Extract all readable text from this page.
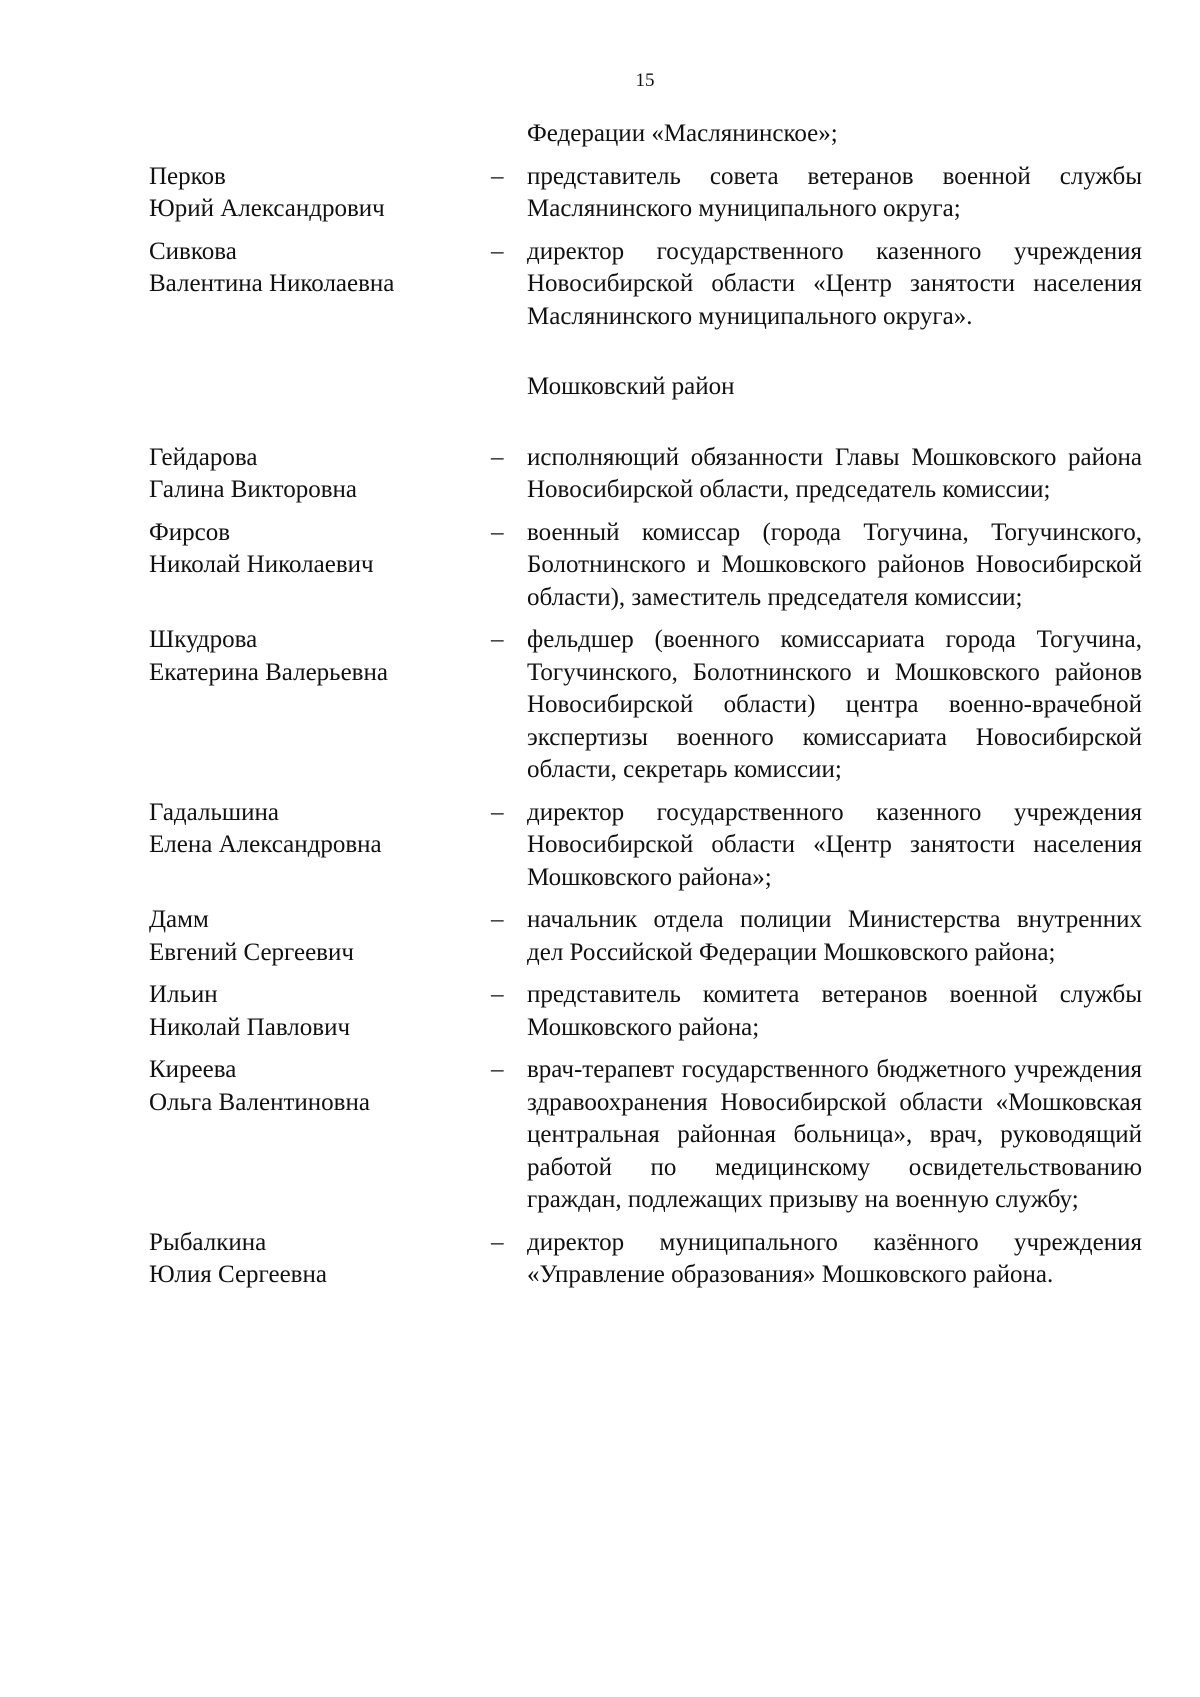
15
Федерации «Маслянинское»;
Перков
Юрий Александрович
– представитель совета ветеранов военной службы Маслянинского муниципального округа;
Сивкова
Валентина Николаевна
– директор государственного казенного учреждения Новосибирской области «Центр занятости населения Маслянинского муниципального округа».
Мошковский район
Гейдарова
Галина Викторовна
– исполняющий обязанности Главы Мошковского района Новосибирской области, председатель комиссии;
Фирсов
Николай Николаевич
– военный комиссар (города Тогучина, Тогучинского, Болотнинского и Мошковского районов Новосибирской области), заместитель председателя комиссии;
Шкудрова
Екатерина Валерьевна
– фельдшер (военного комиссариата города Тогучина, Тогучинского, Болотнинского и Мошковского районов Новосибирской области) центра военно-врачебной экспертизы военного комиссариата Новосибирской области, секретарь комиссии;
Гадальшина
Елена Александровна
– директор государственного казенного учреждения Новосибирской области «Центр занятости населения Мошковского района»;
Дамм
Евгений Сергеевич
– начальник отдела полиции Министерства внутренних дел Российской Федерации Мошковского района;
Ильин
Николай Павлович
– представитель комитета ветеранов военной службы Мошковского района;
Киреева
Ольга Валентиновна
– врач-терапевт государственного бюджетного учреждения здравоохранения Новосибирской области «Мошковская центральная районная больница», врач, руководящий работой по медицинскому освидетельствованию граждан, подлежащих призыву на военную службу;
Рыбалкина
Юлия Сергеевна
– директор муниципального казённого учреждения «Управление образования» Мошковского района.
